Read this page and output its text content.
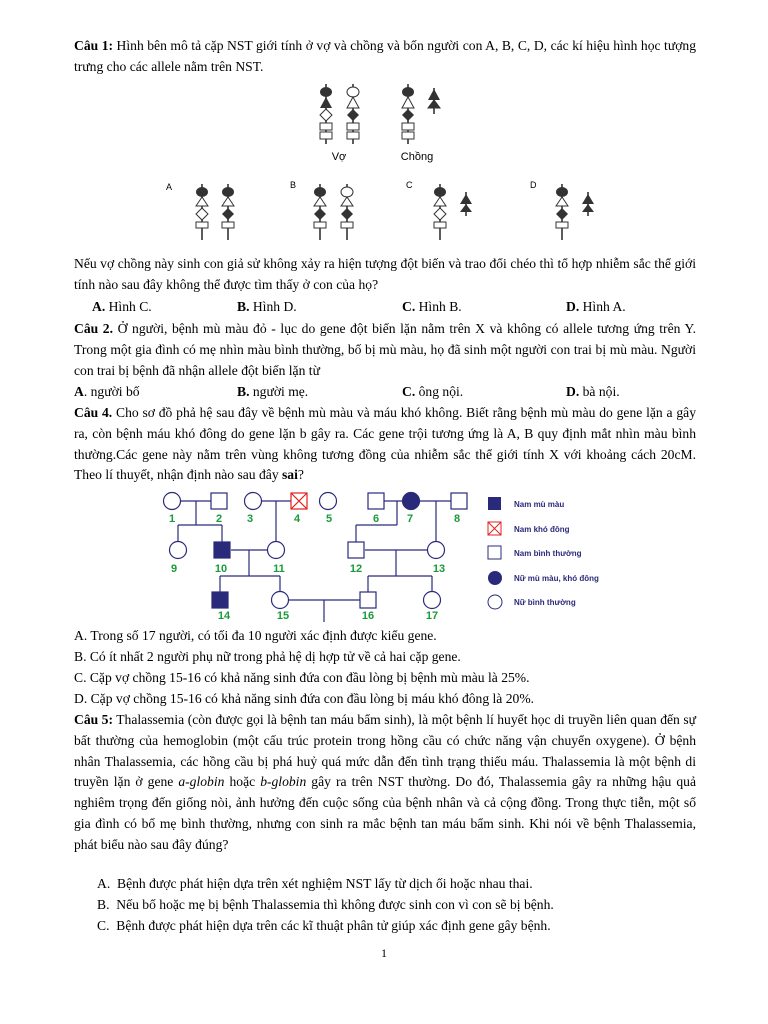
Câu 1: Hình bên mô tả cặp NST giới tính ở vợ và chồng và bốn người con A, B, C, D, các kí hiệu hình học tượng trưng cho các allele nằm trên NST.
Vợ	Chồng
A	B	C	D
Nếu vợ chồng này sinh con giả sử không xảy ra hiện tượng đột biến và trao đổi chéo thì tổ hợp nhiễm sắc thể giới tính nào sau đây không thể được tìm thấy ở con của họ?
A. Hình C.	B. Hình D.	C. Hình B.	D. Hình A.
Câu 2. Ở người, bệnh mù màu đỏ - lục do gene đột biến lặn nằm trên X và không có allele tương ứng trên Y. Trong một gia đình có mẹ nhìn màu bình thường, bố bị mù màu, họ đã sinh một người con trai bị mù màu. Người con trai bị bệnh đã nhận allele đột biến lặn từ
A. người bố	B. người mẹ.	C. ông nội.	D. bà nội.
Câu 4. Cho sơ đồ phả hệ sau đây về bệnh mù màu và máu khó không. Biết rằng bệnh mù màu do gene lặn a gây ra, còn bệnh máu khó đông do gene lặn b gây ra. Các gene trội tương ứng là A, B quy định mắt nhìn màu bình thường.Các gene này nằm trên vùng không tương đồng của nhiễm sắc thể giới tính X với khoảng cách 20cM. Theo lí thuyết, nhận định nào sau đây sai?
1	2 3	4 5	6	7	8
9	10	11	12	13
14	15	16	17
Nam mù màu
Nam khó đông
Nam bình thường
Nữ mù màu, khó đông
Nữ bình thường
A. Trong số 17 người, có tối đa 10 người xác định được kiểu gene.
B. Có ít nhất 2 người phụ nữ trong phả hệ dị hợp tử về cả hai cặp gene.
C. Cặp vợ chồng 15-16 có khả năng sinh đứa con đầu lòng bị bệnh mù màu là 25%.
D. Cặp vợ chồng 15-16 có khả năng sinh đứa con đầu lòng bị máu khó đông là 20%.
Câu 5: Thalassemia (còn được gọi là bệnh tan máu bẩm sinh), là một bệnh lí huyết học di truyền liên quan đến sự bất thường của hemoglobin (một cấu trúc protein trong hồng cầu có chức năng vận chuyển oxygene). Ở bệnh nhân Thalassemia, các hồng cầu bị phá huỷ quá mức dẫn đến tình trạng thiếu máu. Thalassemia là một bệnh di truyền lặn ở gene a-globin hoặc b-globin gây ra trên NST thường. Do đó, Thalassemia gây ra những hậu quả nghiêm trọng đến giống nòi, ảnh hưởng đến cuộc sống của bệnh nhân và cả cộng đồng. Trong thực tiễn, một số gia đình có bố mẹ bình thường, nhưng con sinh ra mắc bệnh tan máu bẩm sinh. Khi nói về bệnh Thalassemia, phát biểu nào sau đây đúng?
A. Bệnh được phát hiện dựa trên xét nghiệm NST lấy từ dịch ối hoặc nhau thai.
B. Nếu bố hoặc mẹ bị bệnh Thalassemia thì không được sinh con vì con sẽ bị bệnh.
C. Bệnh được phát hiện dựa trên các kĩ thuật phân tử giúp xác định gene gây bệnh.
1
